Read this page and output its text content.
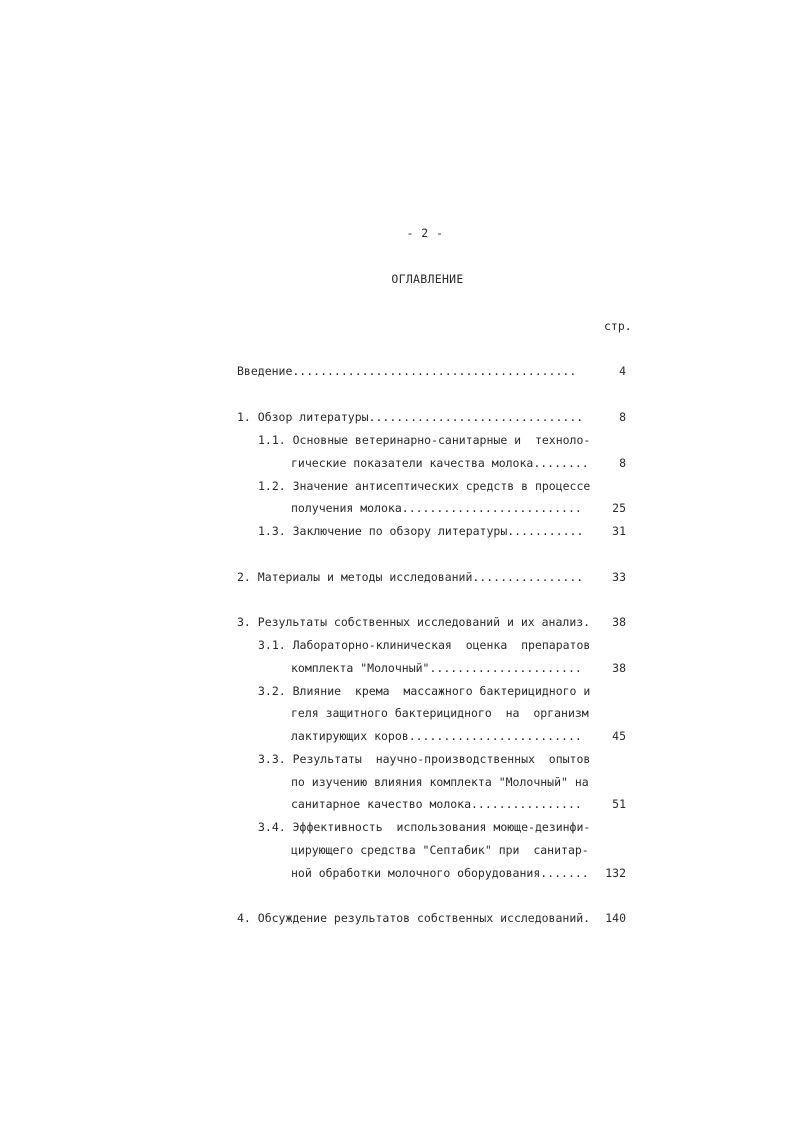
- 2 -
ОГЛАВЛЕНИЕ
стр.
Введение.........................................	4
1. Обзор литературы...............................	8
1.1. Основные ветеринарно-санитарные и  техноло-
гические показатели качества молока........	8
1.2. Значение антисептических средств в процессе
получения молока..........................	25
1.3. Заключение по обзору литературы...........	31
2. Материалы и методы исследований................	33
3. Результаты собственных исследований и их анализ.	38
3.1. Лабораторно-клиническая  оценка  препаратов
комплекта "Молочный"......................	38
3.2. Влияние  крема  массажного бактерицидного и
геля защитного бактерицидного  на  организм
лактирующих коров.........................	45
3.3. Результаты  научно-производственных  опытов
по изучению влияния комплекта "Молочный" на
санитарное качество молока................	51
3.4. Эффективность  использования моюще-дезинфи-
цирующего средства "Септабик" при  санитар-
ной обработки молочного оборудования.......	132
4. Обсуждение результатов собственных исследований.	140
